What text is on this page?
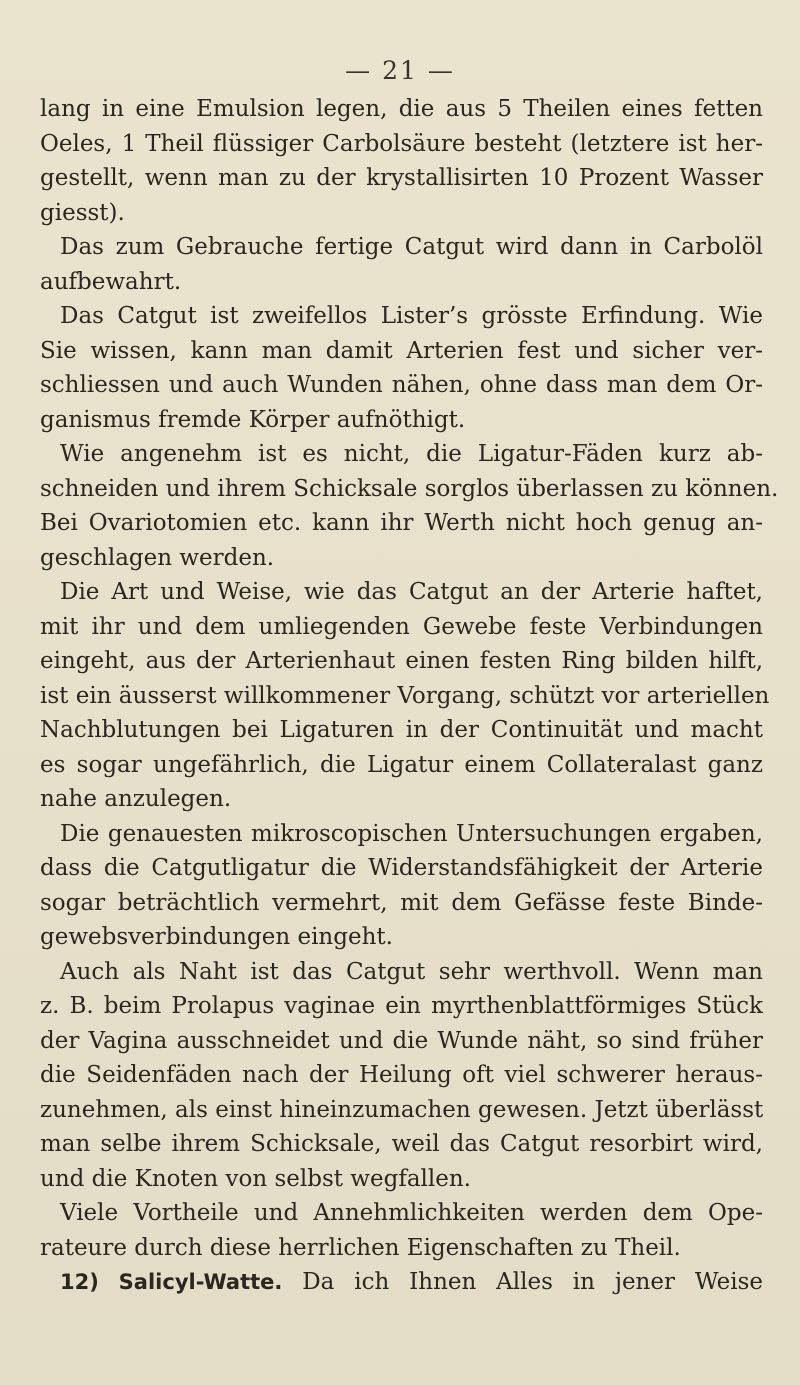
— 21 —
lang in eine Emulsion legen, die aus 5 Theilen eines fetten
Oeles, 1 Theil flüssiger Carbolsäure besteht (letztere ist her-
gestellt, wenn man zu der krystallisirten 10 Prozent Wasser
giesst).
Das zum Gebrauche fertige Catgut wird dann in Carbolöl
aufbewahrt.
Das Catgut ist zweifellos Lister’s grösste Erfindung. Wie
Sie wissen, kann man damit Arterien fest und sicher ver-
schliessen und auch Wunden nähen, ohne dass man dem Or-
ganismus fremde Körper aufnöthigt.
Wie angenehm ist es nicht, die Ligatur-Fäden kurz ab-
schneiden und ihrem Schicksale sorglos überlassen zu können.
Bei Ovariotomien etc. kann ihr Werth nicht hoch genug an-
geschlagen werden.
Die Art und Weise, wie das Catgut an der Arterie haftet,
mit ihr und dem umliegenden Gewebe feste Verbindungen
eingeht, aus der Arterienhaut einen festen Ring bilden hilft,
ist ein äusserst willkommener Vorgang, schützt vor arteriellen
Nachblutungen bei Ligaturen in der Continuität und macht
es sogar ungefährlich, die Ligatur einem Collateralast ganz
nahe anzulegen.
Die genauesten mikroscopischen Untersuchungen ergaben,
dass die Catgutligatur die Widerstandsfähigkeit der Arterie
sogar beträchtlich vermehrt, mit dem Gefässe feste Binde-
gewebsverbindungen eingeht.
Auch als Naht ist das Catgut sehr werthvoll. Wenn man
z. B. beim Prolapus vaginae ein myrthenblattförmiges Stück
der Vagina ausschneidet und die Wunde näht, so sind früher
die Seidenfäden nach der Heilung oft viel schwerer heraus-
zunehmen, als einst hineinzumachen gewesen. Jetzt überlässt
man selbe ihrem Schicksale, weil das Catgut resorbirt wird,
und die Knoten von selbst wegfallen.
Viele Vortheile und Annehmlichkeiten werden dem Ope-
rateure durch diese herrlichen Eigenschaften zu Theil.
12) Salicyl-Watte. Da ich Ihnen Alles in jener Weise
